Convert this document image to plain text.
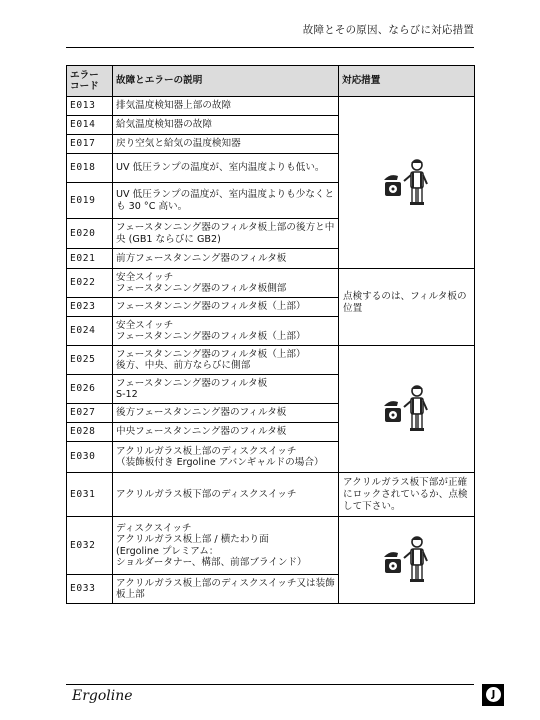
故障とその原因、ならびに対応措置
エラー
コード	故障とエラーの説明	対応措置
E013	排気温度検知器上部の故障	
E014	給気温度検知器の故障	
E017	戻り空気と給気の温度検知器	
E018	UV 低圧ランプの温度が、室内温度よりも低い。	
E019	UV 低圧ランプの温度が、室内温度よりも少なくとも 30 °C 高い。	
E020	フェースタンニング器のフィルタ板上部の後方と中央 (GB1 ならびに GB2)	
E021	前方フェースタンニング器のフィルタ板	
E022	安全スイッチ
フェースタンニング器のフィルタ板側部	点検するのは、フィルタ板の位置
E023	フェースタンニング器のフィルタ板（上部）	
E024	安全スイッチ
フェースタンニング器のフィルタ板（上部）	
E025	フェースタンニング器のフィルタ板（上部）
後方、中央、前方ならびに側部	
E026	フェースタンニング器のフィルタ板
S-12	
E027	後方フェースタンニング器のフィルタ板	
E028	中央フェースタンニング器のフィルタ板	
E030	アクリルガラス板上部のディスクスイッチ
（装飾板付き Ergoline アバンギャルドの場合）	
E031	アクリルガラス板下部のディスクスイッチ	アクリルガラス板下部が正確にロックされているか、点検して下さい。
E032	ディスクスイッチ
アクリルガラス板上部 / 横たわり面
(Ergoline プレミアム：
ショルダータナー、構部、前部ブラインド）	
E033	アクリルガラス板上部のディスクスイッチ又は装飾板上部	
Ergoline	J
